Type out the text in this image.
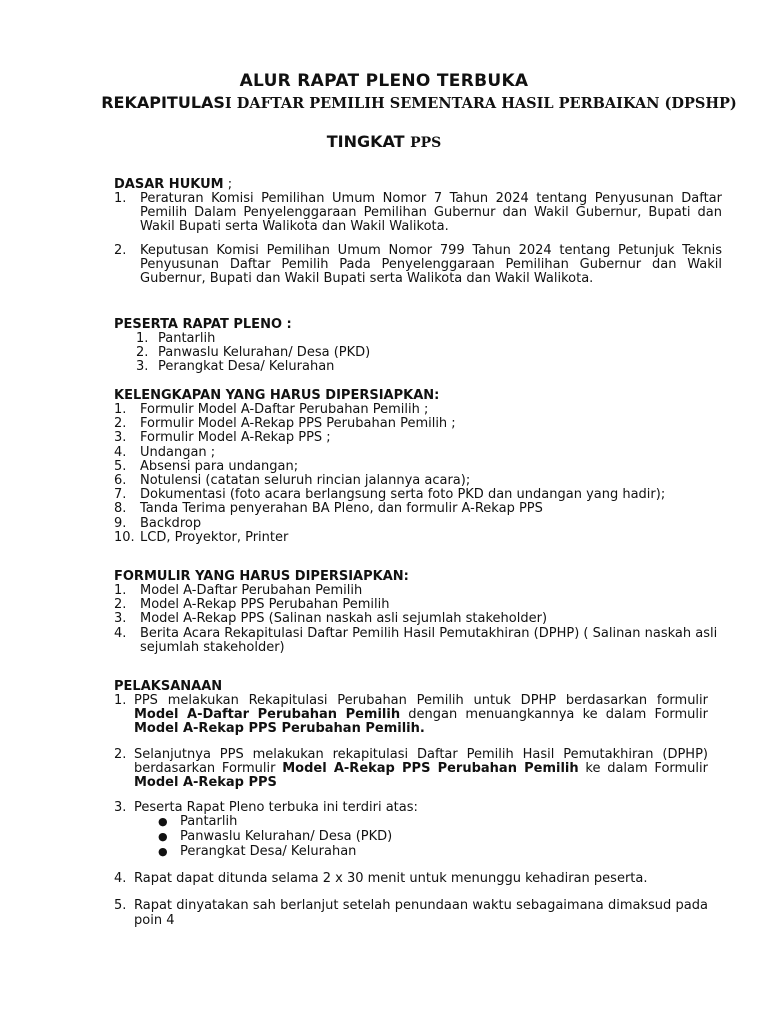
ALUR RAPAT PLENO TERBUKA
REKAPITULASI DAFTAR PEMILIH SEMENTARA HASIL PERBAIKAN (DPSHP)
TINGKAT PPS
DASAR HUKUM ;
1.	Peraturan Komisi Pemilihan Umum Nomor 7 Tahun 2024 tentang Penyusunan Daftar Pemilih Dalam Penyelenggaraan Pemilihan Gubernur dan Wakil Gubernur, Bupati dan Wakil Bupati serta Walikota dan Wakil Walikota.
2.	Keputusan Komisi Pemilihan Umum Nomor 799 Tahun 2024 tentang Petunjuk Teknis Penyusunan Daftar Pemilih Pada Penyelenggaraan Pemilihan Gubernur dan Wakil Gubernur, Bupati dan Wakil Bupati serta Walikota dan Wakil Walikota.
PESERTA RAPAT PLENO :
1. Pantarlih
2. Panwaslu Kelurahan/ Desa (PKD)
3. Perangkat Desa/ Kelurahan
KELENGKAPAN YANG HARUS DIPERSIAPKAN:
1.	Formulir Model A-Daftar Perubahan Pemilih ;
2.	Formulir Model A-Rekap PPS Perubahan Pemilih ;
3.	Formulir Model A-Rekap PPS ;
4.	Undangan ;
5.	Absensi para undangan;
6.	Notulensi (catatan seluruh rincian jalannya acara);
7.	Dokumentasi (foto acara berlangsung serta foto PKD dan undangan yang hadir);
8.	Tanda Terima penyerahan BA Pleno, dan formulir A-Rekap PPS
9.	Backdrop
10. LCD, Proyektor, Printer
FORMULIR YANG HARUS DIPERSIAPKAN:
1.	Model A-Daftar Perubahan Pemilih
2.	Model A-Rekap PPS Perubahan Pemilih
3.	Model A-Rekap PPS (Salinan naskah asli sejumlah stakeholder)
4.	Berita Acara Rekapitulasi Daftar Pemilih Hasil Pemutakhiran (DPHP) ( Salinan naskah asli sejumlah stakeholder)
PELAKSANAAN
1. PPS melakukan Rekapitulasi Perubahan Pemilih untuk DPHP berdasarkan formulir Model A-Daftar Perubahan Pemilih dengan menuangkannya ke dalam Formulir Model A-Rekap PPS Perubahan Pemilih.
2. Selanjutnya PPS melakukan rekapitulasi Daftar Pemilih Hasil Pemutakhiran (DPHP) berdasarkan Formulir Model A-Rekap PPS Perubahan Pemilih ke dalam Formulir Model A-Rekap PPS
3. Peserta Rapat Pleno terbuka ini terdiri atas:
● Pantarlih
● Panwaslu Kelurahan/ Desa (PKD)
● Perangkat Desa/ Kelurahan
4. Rapat dapat ditunda selama 2 x 30 menit untuk menunggu kehadiran peserta.
5. Rapat dinyatakan sah berlanjut setelah penundaan waktu sebagaimana dimaksud pada poin 4
